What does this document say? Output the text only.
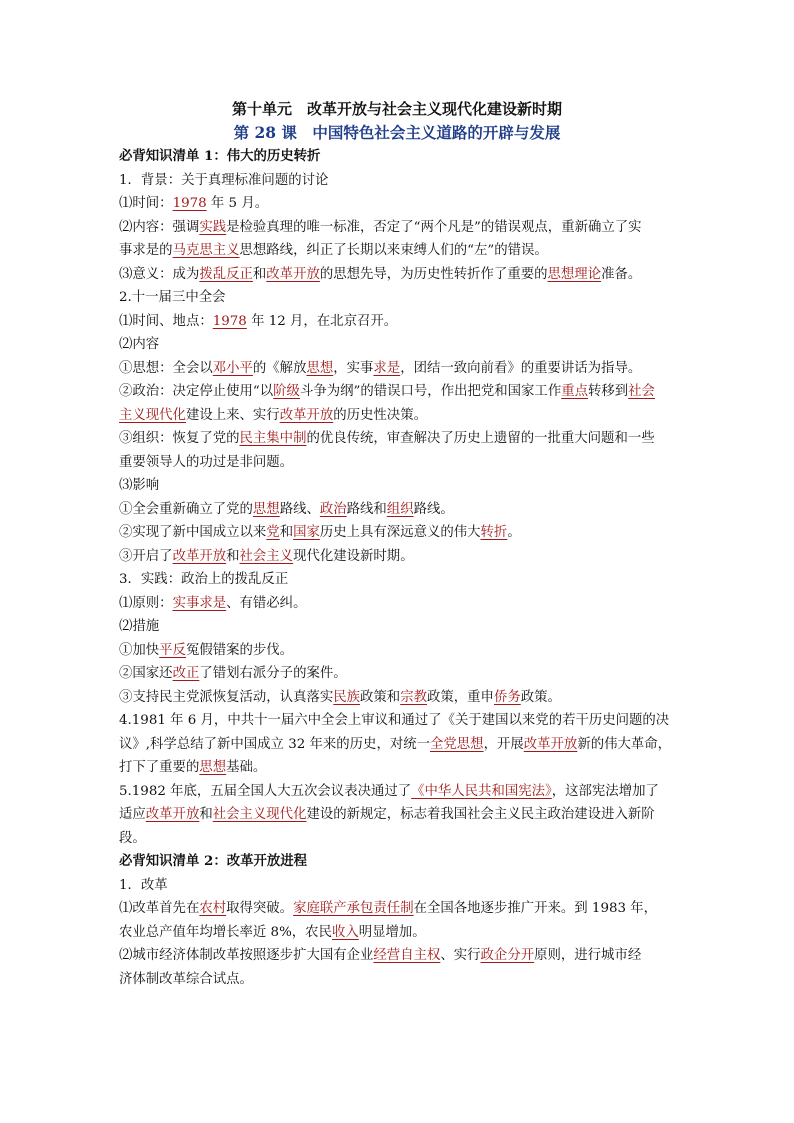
第十单元　改革开放与社会主义现代化建设新时期
第 28 课　中国特色社会主义道路的开辟与发展
必背知识清单 1：伟大的历史转折
1．背景：关于真理标准问题的讨论
⑴时间：1978 年 5 月。
⑵内容：强调实践是检验真理的唯一标准，否定了“两个凡是”的错误观点，重新确立了实
事求是的马克思主义思想路线，纠正了长期以来束缚人们的“左”的错误。
⑶意义：成为拨乱反正和改革开放的思想先导，为历史性转折作了重要的思想理论准备。
2.十一届三中全会
⑴时间、地点：1978 年 12 月，在北京召开。
⑵内容
①思想：全会以邓小平的《解放思想，实事求是，团结一致向前看》的重要讲话为指导。
②政治：决定停止使用“以阶级斗争为纲”的错误口号，作出把党和国家工作重点转移到社会
主义现代化建设上来、实行改革开放的历史性决策。
③组织：恢复了党的民主集中制的优良传统，审查解决了历史上遗留的一批重大问题和一些
重要领导人的功过是非问题。
⑶影响
①全会重新确立了党的思想路线、政治路线和组织路线。
②实现了新中国成立以来党和国家历史上具有深远意义的伟大转折。
③开启了改革开放和社会主义现代化建设新时期。
3．实践：政治上的拨乱反正
⑴原则：实事求是、有错必纠。
⑵措施
①加快平反冤假错案的步伐。
②国家还改正了错划右派分子的案件。
③支持民主党派恢复活动，认真落实民族政策和宗教政策，重申侨务政策。
4.1981 年 6 月，中共十一届六中全会上审议和通过了《关于建国以来党的若干历史问题的决
议》,科学总结了新中国成立 32 年来的历史，对统一全党思想，开展改革开放新的伟大革命，
打下了重要的思想基础。
5.1982 年底，五届全国人大五次会议表决通过了《中华人民共和国宪法》，这部宪法增加了
适应改革开放和社会主义现代化建设的新规定，标志着我国社会主义民主政治建设进入新阶
段。
必背知识清单 2：改革开放进程
1．改革
⑴改革首先在农村取得突破。家庭联产承包责任制在全国各地逐步推广开来。到 1983 年，
农业总产值年均增长率近 8%，农民收入明显增加。
⑵城市经济体制改革按照逐步扩大国有企业经营自主权、实行政企分开原则，进行城市经
济体制改革综合试点。
